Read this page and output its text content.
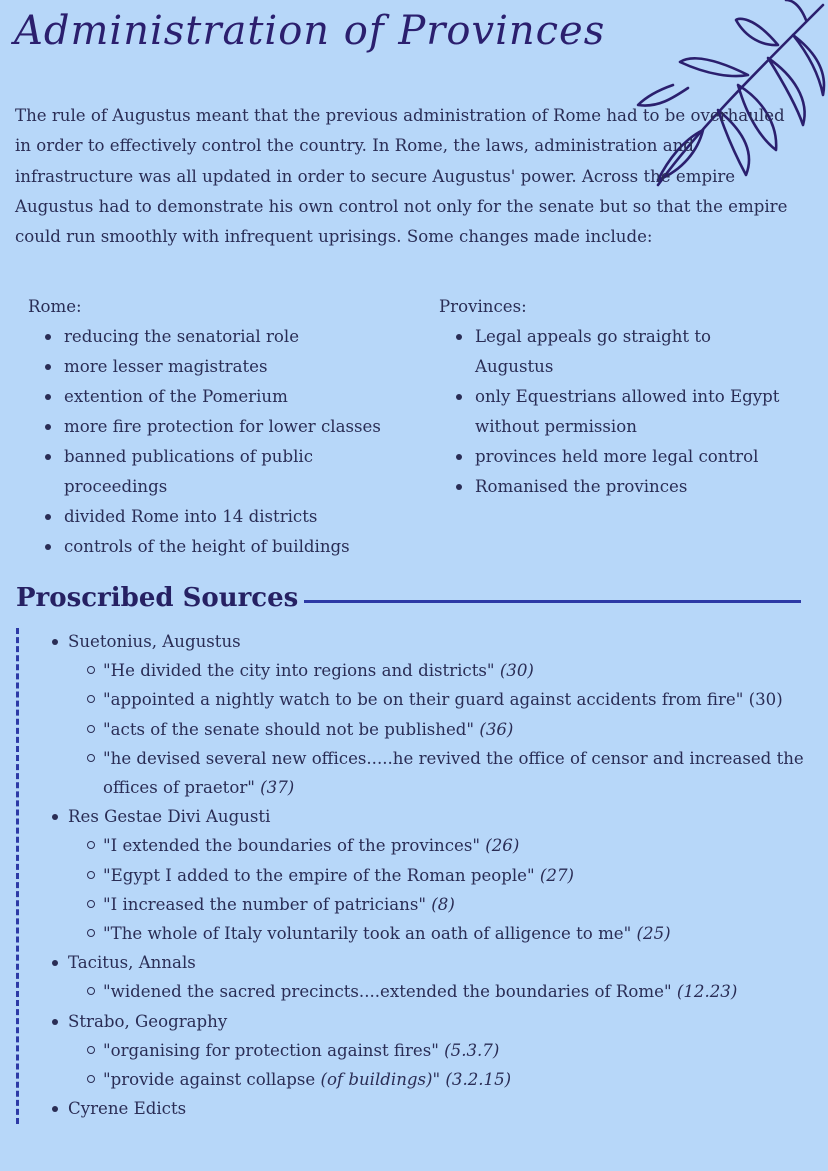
Administration of Provinces

The rule of Augustus meant that the previous administration of Rome had to be overhauled in order to effectively control the country. In Rome, the laws, administration and infrastructure was all updated in order to secure Augustus' power. Across the empire Augustus had to demonstrate his own control not only for the senate but so that the empire could run smoothly with infrequent uprisings. Some changes made include:

Rome:
reducing the senatorial role
more lesser magistrates
extention of the Pomerium
more fire protection for lower classes
banned publications of public proceedings
divided Rome into 14 districts
controls of the height of buildings
Provinces:
Legal appeals go straight to Augustus
only Equestrians allowed into Egypt without permission
provinces held more legal control
Romanised the provinces
Proscribed Sources
Suetonius, Augustus
"He divided the city into regions and districts" (30)
"appointed a nightly watch to be on their guard against accidents from fire" (30)
"acts of the senate should not be published" (36)
"he devised several new offices.....he revived the office of censor and increased the offices of praetor" (37)
Res Gestae Divi Augusti
"I extended the boundaries of the provinces" (26)
"Egypt I added to the empire of the Roman people" (27)
"I increased the number of patricians" (8)
"The whole of Italy voluntarily took an oath of alligence to me" (25)
Tacitus, Annals
"widened the sacred precincts....extended the boundaries of Rome" (12.23)
Strabo, Geography
"organising for protection against fires" (5.3.7)
"provide against collapse (of buildings)" (3.2.15)
Cyrene Edicts
